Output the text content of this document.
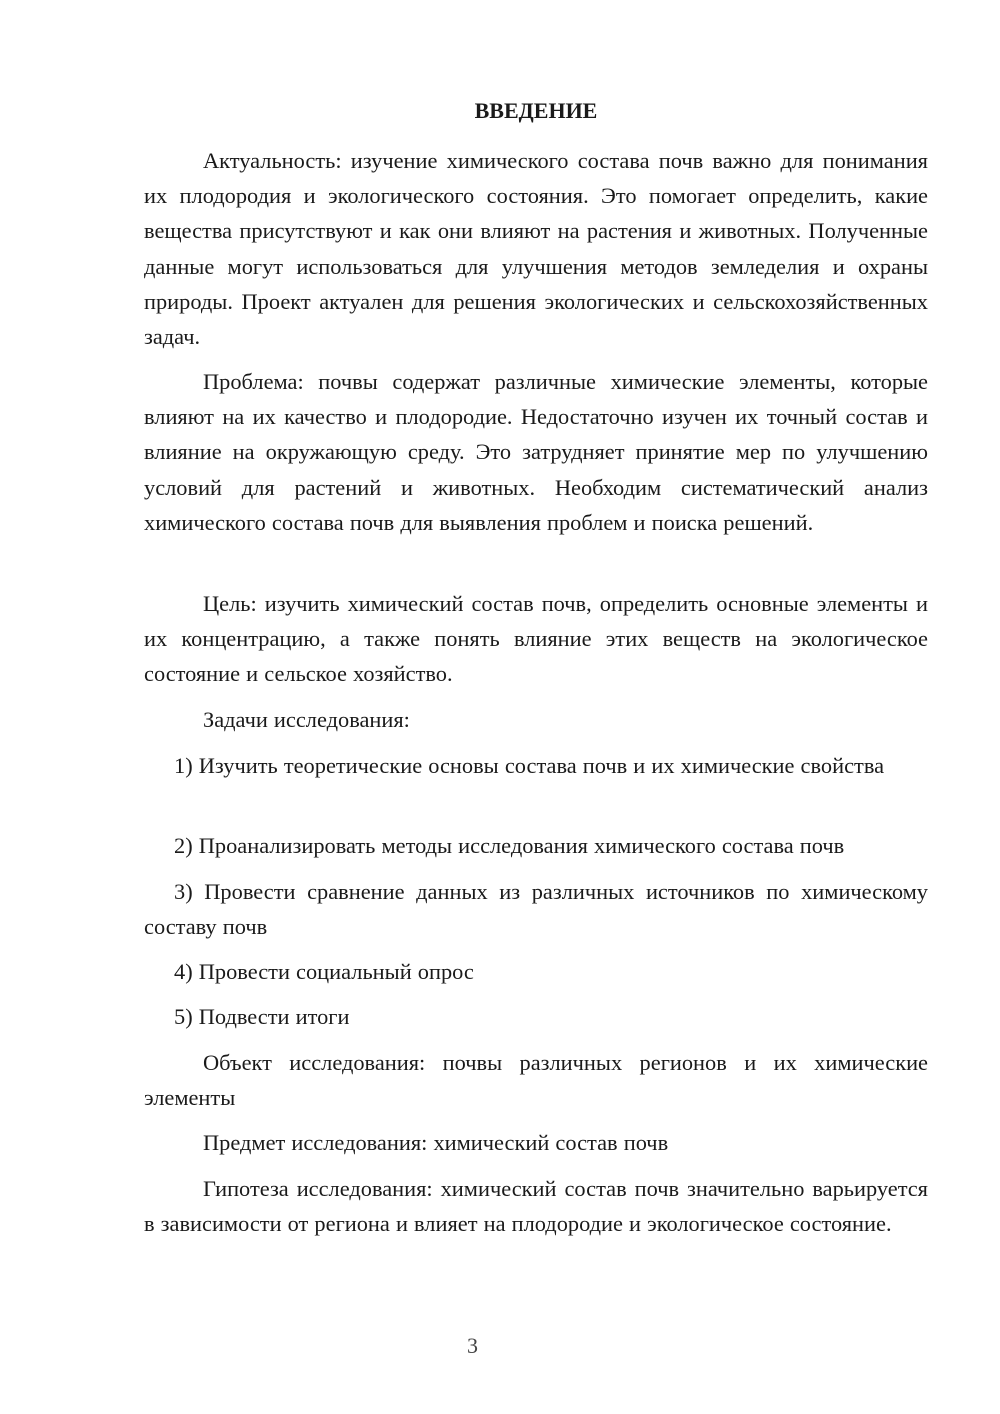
ВВЕДЕНИЕ

Актуальность: изучение химического состава почв важно для понимания их плодородия и экологического состояния. Это помогает определить, какие вещества присутствуют и как они влияют на растения и животных. Полученные данные могут использоваться для улучшения методов земледелия и охраны природы. Проект актуален для решения экологических и сельскохозяйственных задач.

Проблема: почвы содержат различные химические элементы, которые влияют на их качество и плодородие. Недостаточно изучен их точный состав и влияние на окружающую среду. Это затрудняет принятие мер по улучшению условий для растений и животных. Необходим систематический анализ химического состава почв для выявления проблем и поиска решений.

Цель: изучить химический состав почв, определить основные элементы и их концентрацию, а также понять влияние этих веществ на экологическое состояние и сельское хозяйство.

Задачи исследования:

1) Изучить теоретические основы состава почв и их химические свойства

2) Проанализировать методы исследования химического состава почв

3) Провести сравнение данных из различных источников по химическому составу почв

4) Провести социальный опрос

5) Подвести итоги

Объект исследования: почвы различных регионов и их химические элементы

Предмет исследования: химический состав почв

Гипотеза исследования: химический состав почв значительно варьируется в зависимости от региона и влияет на плодородие и экологическое состояние.

3
